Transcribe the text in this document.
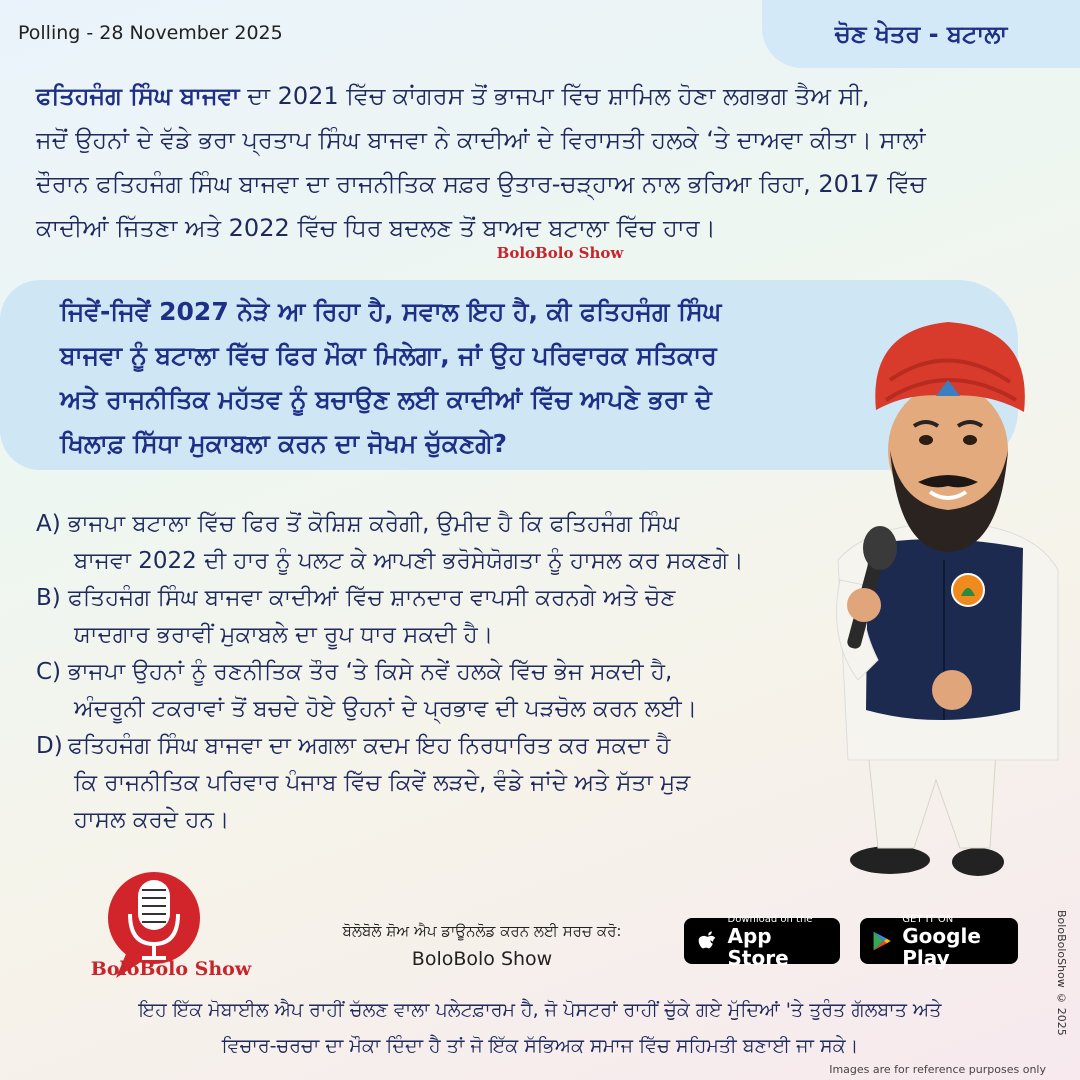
Polling - 28 November 2025	ਚੋਣ ਖੇਤਰ - ਬਟਾਲਾ
ਫਤਿਹਜੰਗ ਸਿੰਘ ਬਾਜਵਾ ਦਾ 2021 ਵਿੱਚ ਕਾਂਗਰਸ ਤੋਂ ਭਾਜਪਾ ਵਿੱਚ ਸ਼ਾਮਿਲ ਹੋਣਾ ਲਗਭਗ ਤੈਅ ਸੀ,
ਜਦੋਂ ਉਹਨਾਂ ਦੇ ਵੱਡੇ ਭਰਾ ਪ੍ਰਤਾਪ ਸਿੰਘ ਬਾਜਵਾ ਨੇ ਕਾਦੀਆਂ ਦੇ ਵਿਰਾਸਤੀ ਹਲਕੇ ‘ਤੇ ਦਾਅਵਾ ਕੀਤਾ। ਸਾਲਾਂ
ਦੌਰਾਨ ਫਤਿਹਜੰਗ ਸਿੰਘ ਬਾਜਵਾ ਦਾ ਰਾਜਨੀਤਿਕ ਸਫ਼ਰ ਉਤਾਰ-ਚੜ੍ਹਾਅ ਨਾਲ ਭਰਿਆ ਰਿਹਾ, 2017 ਵਿੱਚ
ਕਾਦੀਆਂ ਜਿੱਤਣਾ ਅਤੇ 2022 ਵਿੱਚ ਧਿਰ ਬਦਲਣ ਤੋਂ ਬਾਅਦ ਬਟਾਲਾ ਵਿੱਚ ਹਾਰ।
BoloBolo Show
ਜਿਵੇਂ-ਜਿਵੇਂ 2027 ਨੇੜੇ ਆ ਰਿਹਾ ਹੈ, ਸਵਾਲ ਇਹ ਹੈ, ਕੀ ਫਤਿਹਜੰਗ ਸਿੰਘ
ਬਾਜਵਾ ਨੂੰ ਬਟਾਲਾ ਵਿੱਚ ਫਿਰ ਮੌਕਾ ਮਿਲੇਗਾ, ਜਾਂ ਉਹ ਪਰਿਵਾਰਕ ਸਤਿਕਾਰ
ਅਤੇ ਰਾਜਨੀਤਿਕ ਮਹੱਤਵ ਨੂੰ ਬਚਾਉਣ ਲਈ ਕਾਦੀਆਂ ਵਿੱਚ ਆਪਣੇ ਭਰਾ ਦੇ
ਖਿਲਾਫ਼ ਸਿੱਧਾ ਮੁਕਾਬਲਾ ਕਰਨ ਦਾ ਜੋਖਮ ਚੁੱਕਣਗੇ?
A) ਭਾਜਪਾ ਬਟਾਲਾ ਵਿੱਚ ਫਿਰ ਤੋਂ ਕੋਸ਼ਿਸ਼ ਕਰੇਗੀ, ਉਮੀਦ ਹੈ ਕਿ ਫਤਿਹਜੰਗ ਸਿੰਘ
ਬਾਜਵਾ 2022 ਦੀ ਹਾਰ ਨੂੰ ਪਲਟ ਕੇ ਆਪਣੀ ਭਰੋਸੇਯੋਗਤਾ ਨੂੰ ਹਾਸਲ ਕਰ ਸਕਣਗੇ।
B) ਫਤਿਹਜੰਗ ਸਿੰਘ ਬਾਜਵਾ ਕਾਦੀਆਂ ਵਿੱਚ ਸ਼ਾਨਦਾਰ ਵਾਪਸੀ ਕਰਨਗੇ ਅਤੇ ਚੋਣ
ਯਾਦਗਾਰ ਭਰਾਵੀਂ ਮੁਕਾਬਲੇ ਦਾ ਰੂਪ ਧਾਰ ਸਕਦੀ ਹੈ।
C) ਭਾਜਪਾ ਉਹਨਾਂ ਨੂੰ ਰਣਨੀਤਿਕ ਤੌਰ ‘ਤੇ ਕਿਸੇ ਨਵੇਂ ਹਲਕੇ ਵਿੱਚ ਭੇਜ ਸਕਦੀ ਹੈ,
ਅੰਦਰੂਨੀ ਟਕਰਾਵਾਂ ਤੋਂ ਬਚਦੇ ਹੋਏ ਉਹਨਾਂ ਦੇ ਪ੍ਰਭਾਵ ਦੀ ਪੜਚੋਲ ਕਰਨ ਲਈ।
D) ਫਤਿਹਜੰਗ ਸਿੰਘ ਬਾਜਵਾ ਦਾ ਅਗਲਾ ਕਦਮ ਇਹ ਨਿਰਧਾਰਿਤ ਕਰ ਸਕਦਾ ਹੈ
ਕਿ ਰਾਜਨੀਤਿਕ ਪਰਿਵਾਰ ਪੰਜਾਬ ਵਿੱਚ ਕਿਵੇਂ ਲੜਦੇ, ਵੰਡੇ ਜਾਂਦੇ ਅਤੇ ਸੱਤਾ ਮੁੜ
ਹਾਸਲ ਕਰਦੇ ਹਨ।
BoloBolo Show
ਬੋਲੋਬੋਲੋ ਸ਼ੋਅ ਐਪ ਡਾਊਨਲੋਡ ਕਰਨ ਲਈ ਸਰਚ ਕਰੋ:
BoloBolo Show
Download on the
App Store
GET IT ON
Google Play
ਇਹ ਇੱਕ ਮੋਬਾਈਲ ਐਪ ਰਾਹੀਂ ਚੱਲਣ ਵਾਲਾ ਪਲੇਟਫ਼ਾਰਮ ਹੈ, ਜੋ ਪੋਸਟਰਾਂ ਰਾਹੀਂ ਚੁੱਕੇ ਗਏ ਮੁੱਦਿਆਂ 'ਤੇ ਤੁਰੰਤ ਗੱਲਬਾਤ ਅਤੇ
ਵਿਚਾਰ-ਚਰਚਾ ਦਾ ਮੌਕਾ ਦਿੰਦਾ ਹੈ ਤਾਂ ਜੋ ਇੱਕ ਸੱਭਿਅਕ ਸਮਾਜ ਵਿੱਚ ਸਹਿਮਤੀ ਬਣਾਈ ਜਾ ਸਕੇ।
BoloBoloShow © 2025
Images are for reference purposes only
